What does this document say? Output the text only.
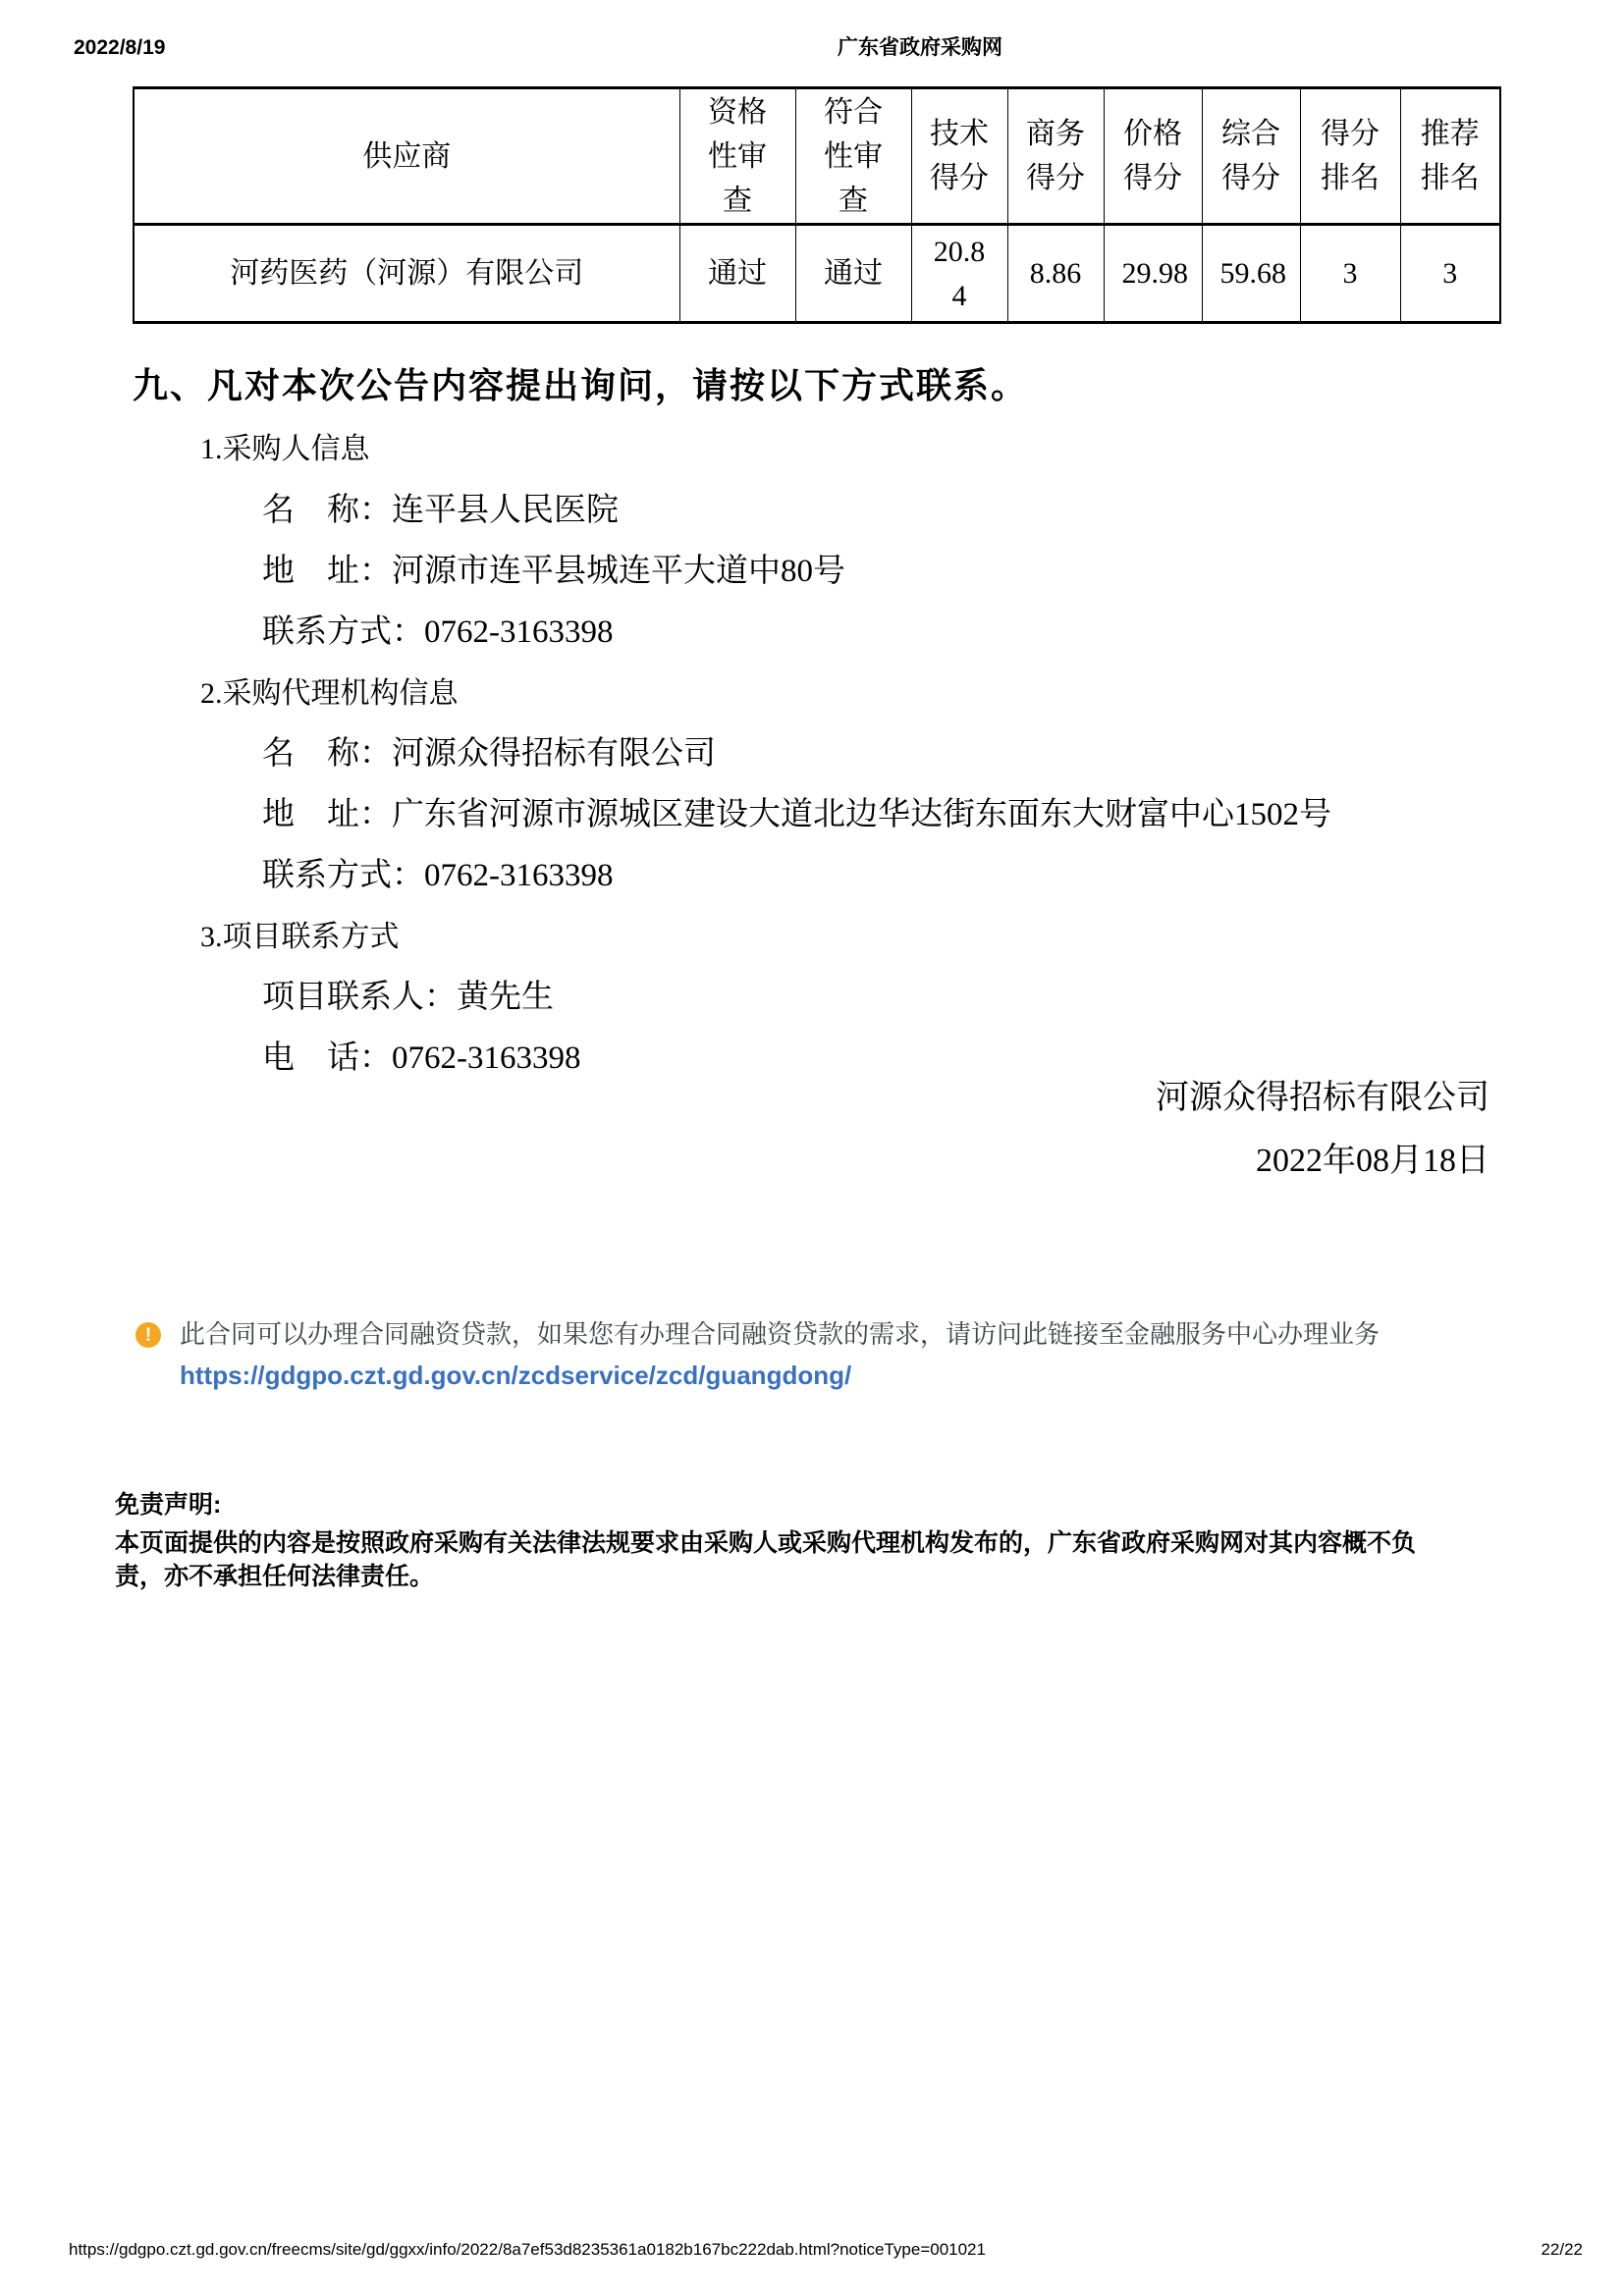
2022/8/19	广东省政府采购网
供应商	资格性审查	符合性审查	技术得分	商务得分	价格得分	综合得分	得分排名	推荐排名
河药医药（河源）有限公司	通过	通过	20.84	8.86	29.98	59.68	3	3
九、凡对本次公告内容提出询问，请按以下方式联系。
1.采购人信息
名　称：连平县人民医院
地　址：河源市连平县城连平大道中80号
联系方式：0762-3163398
2.采购代理机构信息
名　称：河源众得招标有限公司
地　址：广东省河源市源城区建设大道北边华达街东面东大财富中心1502号
联系方式：0762-3163398
3.项目联系方式
项目联系人：黄先生
电　话：0762-3163398
河源众得招标有限公司
2022年08月18日
!	此合同可以办理合同融资贷款，如果您有办理合同融资贷款的需求，请访问此链接至金融服务中心办理业务
https://gdgpo.czt.gd.gov.cn/zcdservice/zcd/guangdong/

免责声明:

本页面提供的内容是按照政府采购有关法律法规要求由采购人或采购代理机构发布的，广东省政府采购网对其内容概不负责，亦不承担任何法律责任。

https://gdgpo.czt.gd.gov.cn/freecms/site/gd/ggxx/info/2022/8a7ef53d8235361a0182b167bc222dab.html?noticeType=001021	22/22
